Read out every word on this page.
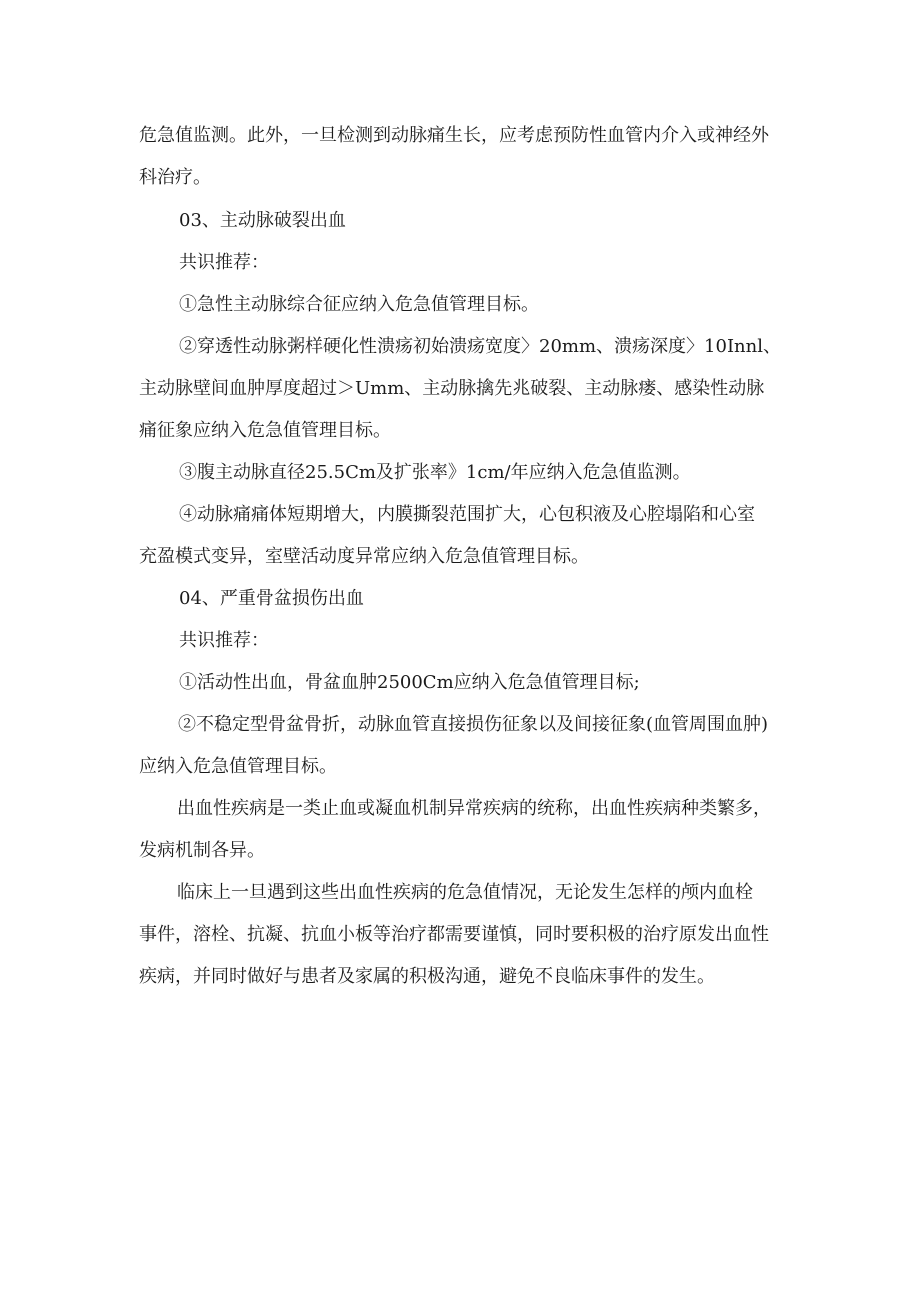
危急值监测。此外，一旦检测到动脉痛生长，应考虑预防性血管内介入或神经外
科治疗。
03、主动脉破裂出血
共识推荐：
①急性主动脉综合征应纳入危急值管理目标。
②穿透性动脉粥样硬化性溃疡初始溃疡宽度〉20mm、溃疡深度〉10Innl、
主动脉壁间血肿厚度超过＞Umm、主动脉擒先兆破裂、主动脉瘘、感染性动脉
痛征象应纳入危急值管理目标。
③腹主动脉直径25.5Cm及扩张率》1cm/年应纳入危急值监测。
④动脉痛痛体短期增大，内膜撕裂范围扩大，心包积液及心腔塌陷和心室
充盈模式变异，室壁活动度异常应纳入危急值管理目标。
04、严重骨盆损伤出血
共识推荐：
①活动性出血，骨盆血肿2500Cm应纳入危急值管理目标;
②不稳定型骨盆骨折，动脉血管直接损伤征象以及间接征象(血管周围血肿)
应纳入危急值管理目标。
出血性疾病是一类止血或凝血机制异常疾病的统称，出血性疾病种类繁多，
发病机制各异。
临床上一旦遇到这些出血性疾病的危急值情况，无论发生怎样的颅内血栓
事件，溶栓、抗凝、抗血小板等治疗都需要谨慎，同时要积极的治疗原发出血性
疾病，并同时做好与患者及家属的积极沟通，避免不良临床事件的发生。
